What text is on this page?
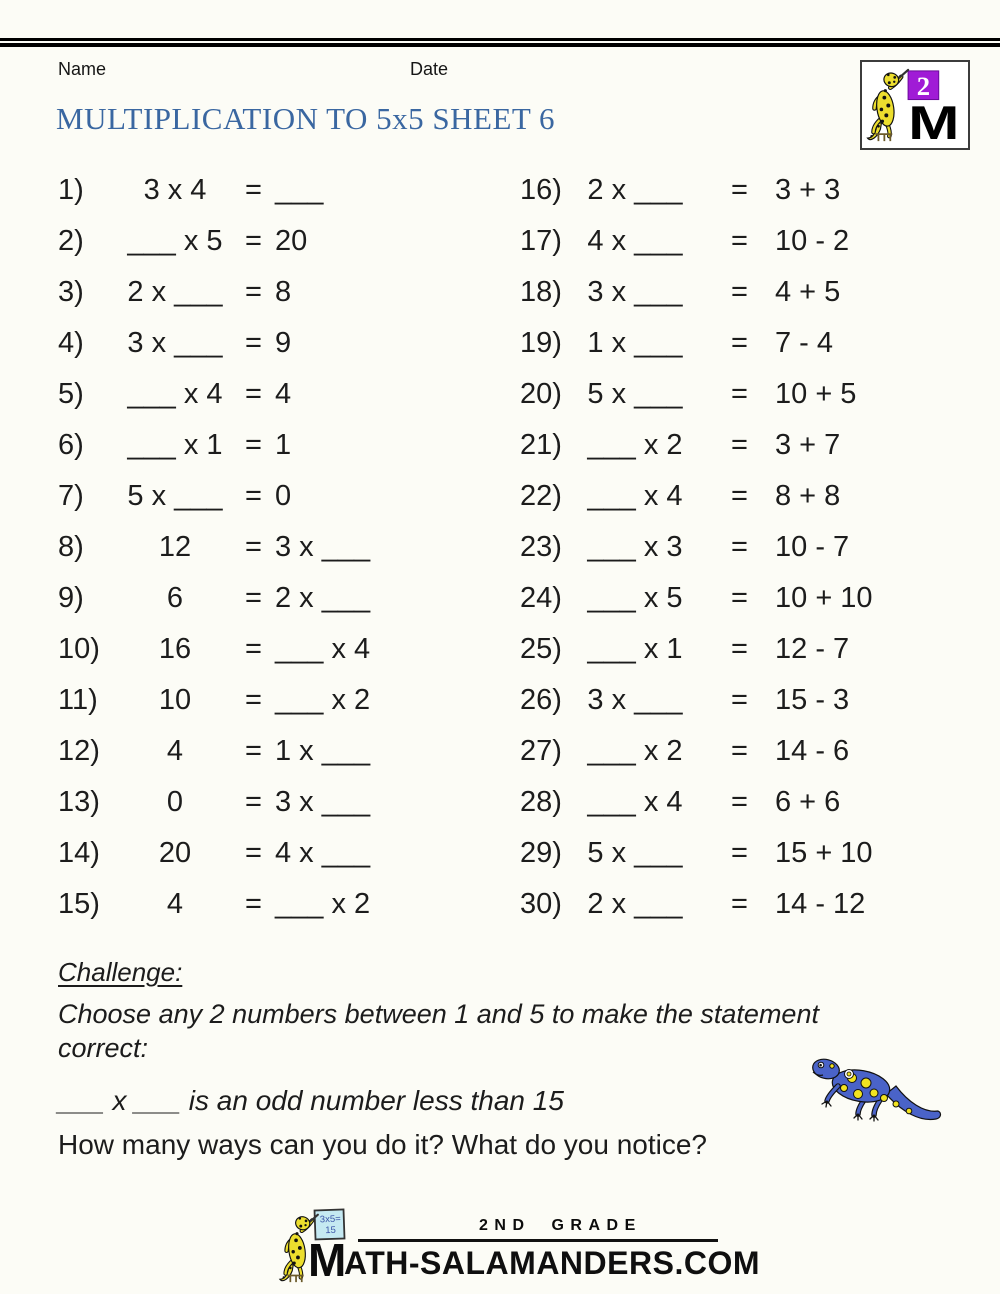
Name	Date
2
M
MULTIPLICATION TO 5x5 SHEET 6
1)	3 x 4	= ___
2)	___ x 5 = 20
3)	2 x ___ = 8
4)	3 x ___ = 9
5)	___ x 4 = 4
6)	___ x 1 = 1
7)	5 x ___ = 0
8)	12	= 3 x ___
9)	6	= 2 x ___
10)	16	= ___ x 4
11)	10	= ___ x 2
12)	4	= 1 x ___
13)	0	= 3 x ___
14)	20	= 4 x ___
15)	4	= ___ x 2
16) 2 x ___	= 3 + 3
17) 4 x ___	= 10 - 2
18) 3 x ___	= 4 + 5
19) 1 x ___	= 7 - 4
20) 5 x ___	= 10 + 5
21) ___ x 2	= 3 + 7
22) ___ x 4	= 8 + 8
23) ___ x 3	= 10 - 7
24) ___ x 5	= 10 + 10
25) ___ x 1	= 12 - 7
26) 3 x ___	= 15 - 3
27) ___ x 2	= 14 - 6
28) ___ x 4	= 6 + 6
29) 5 x ___	= 15 + 10
30) 2 x ___	= 14 - 12
Challenge:
Choose any 2 numbers between 1 and 5 to make the statement correct:
___ x ___ is an odd number less than 15
How many ways can you do it? What do you notice?
3x5=
15
M
2ND GRADE
ATH-SALAMANDERS.COM
